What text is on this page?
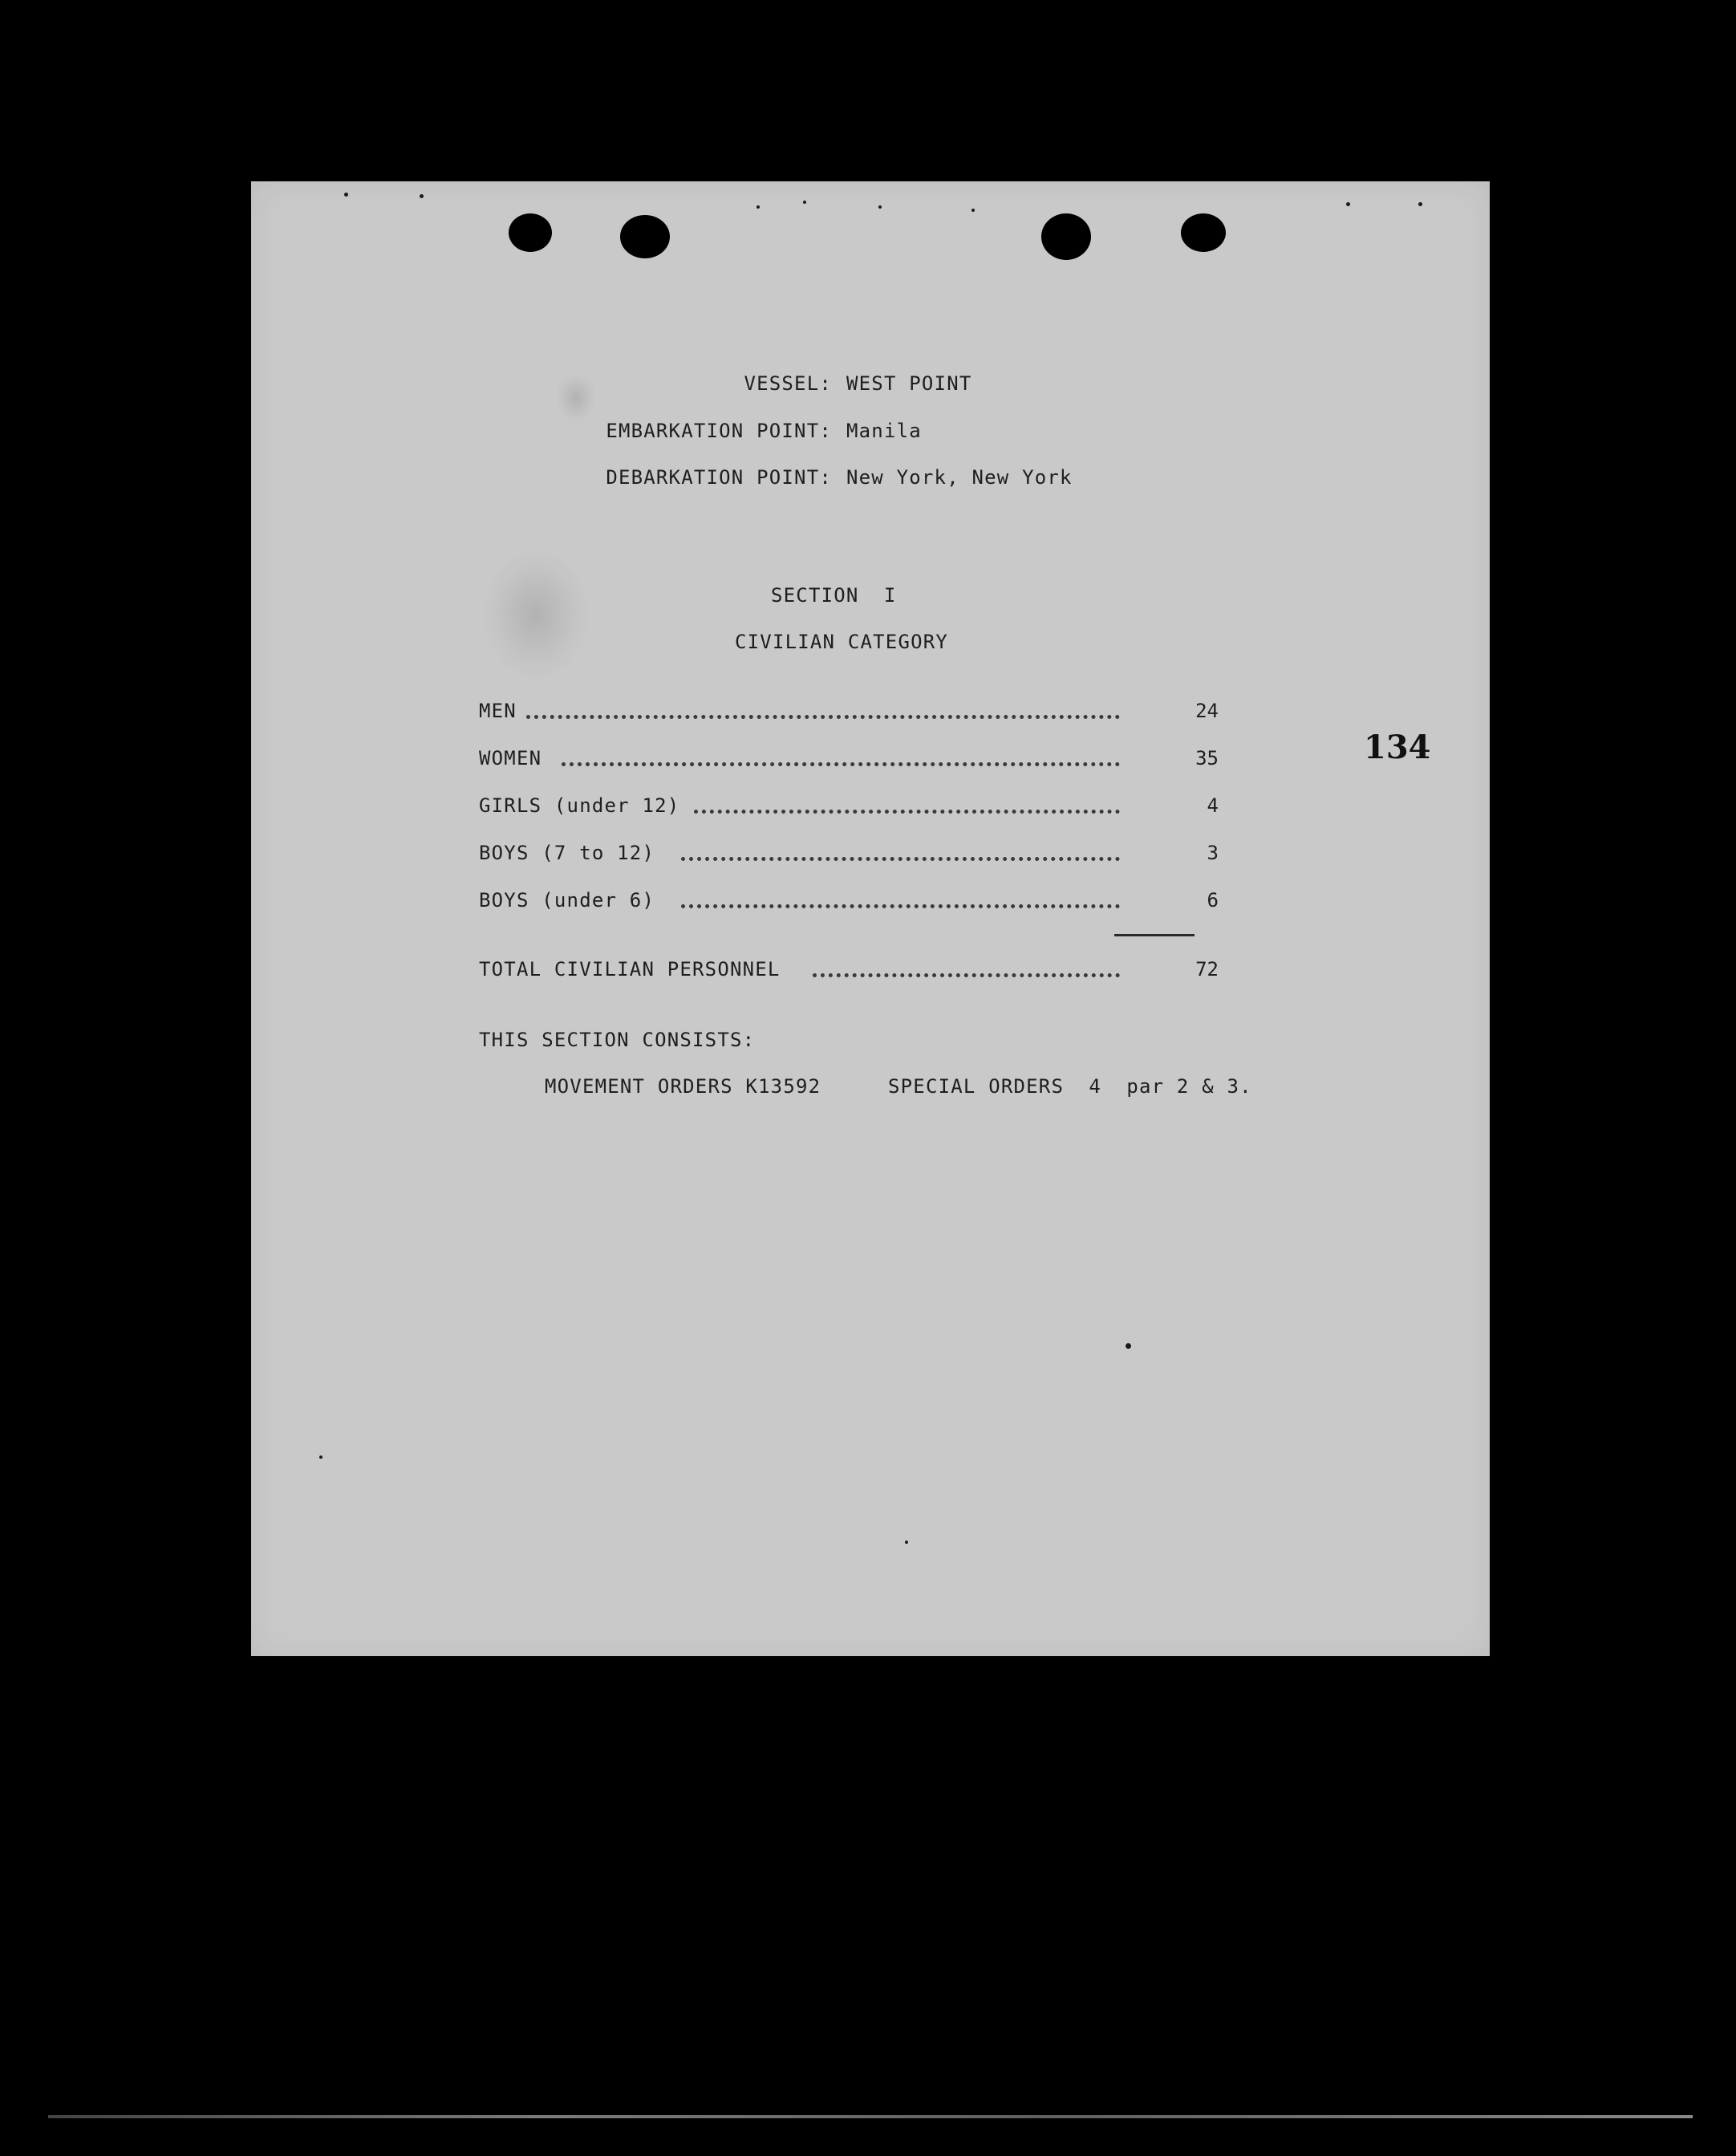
VESSEL: WEST POINT
EMBARKATION POINT: Manila
DEBARKATION POINT: New York, New York
SECTION  I
CIVILIAN CATEGORY
MEN	24
WOMEN	35
GIRLS (under 12)	4
BOYS (7 to 12)	3
BOYS (under 6)	6
TOTAL CIVILIAN PERSONNEL	72
THIS SECTION CONSISTS:
MOVEMENT ORDERS K13592	SPECIAL ORDERS  4  par 2 & 3.
134
